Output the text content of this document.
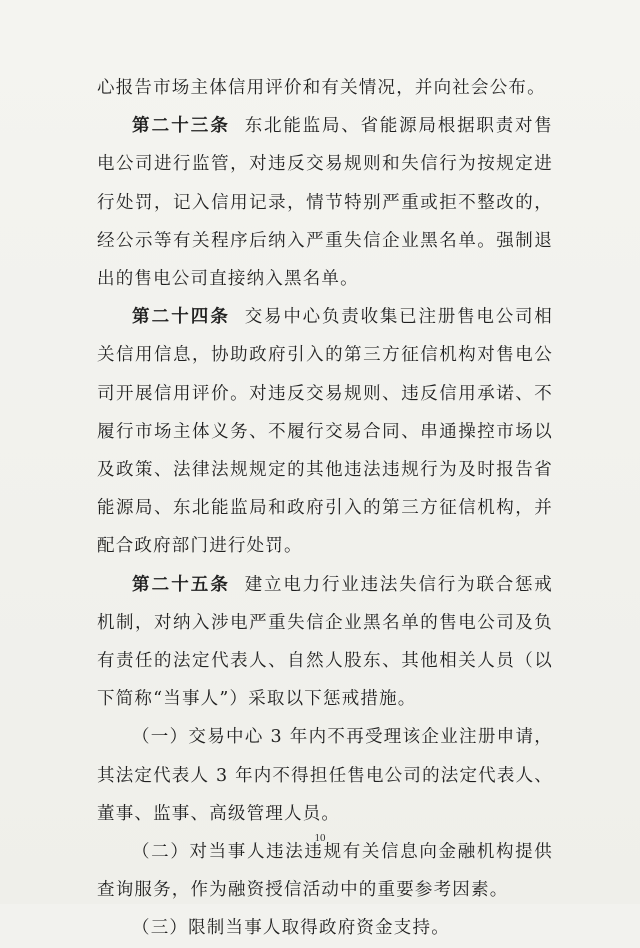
心报告市场主体信用评价和有关情况，并向社会公布。

第二十三条 东北能监局、省能源局根据职责对售电公司进行监管，对违反交易规则和失信行为按规定进行处罚，记入信用记录，情节特别严重或拒不整改的，经公示等有关程序后纳入严重失信企业黑名单。强制退出的售电公司直接纳入黑名单。

第二十四条 交易中心负责收集已注册售电公司相关信用信息，协助政府引入的第三方征信机构对售电公司开展信用评价。对违反交易规则、违反信用承诺、不履行市场主体义务、不履行交易合同、串通操控市场以及政策、法律法规规定的其他违法违规行为及时报告省能源局、东北能监局和政府引入的第三方征信机构，并配合政府部门进行处罚。

第二十五条 建立电力行业违法失信行为联合惩戒机制，对纳入涉电严重失信企业黑名单的售电公司及负有责任的法定代表人、自然人股东、其他相关人员（以下简称“当事人”）采取以下惩戒措施。

（一）交易中心 3 年内不再受理该企业注册申请，其法定代表人 3 年内不得担任售电公司的法定代表人、董事、监事、高级管理人员。

（二）对当事人违法违规有关信息向金融机构提供查询服务，作为融资授信活动中的重要参考因素。

（三）限制当事人取得政府资金支持。

10
